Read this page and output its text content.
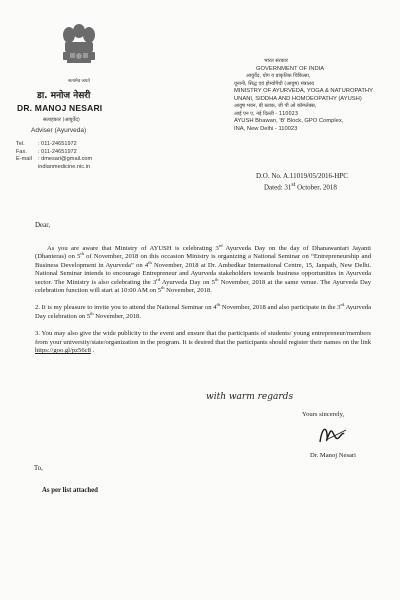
सत्यमेव जयते
डा. मनोज नेसरी
DR. MANOJ NESARI
सलाहकार (आयुर्वेद)
Adviser (Ayurveda)
Tel. : 011-24651972
Fax. : 011-24651972
E-mail : dmesari@gmail.com
indianmedicine.nic.in
भारत सरकार
GOVERNMENT OF INDIA
आयुर्वेद, योग व प्राकृतिक चिकित्सा,
यूनानी, सिद्ध एवं होम्योपैथी (आयुष) मंत्रालय
MINISTRY OF AYURVEDA, YOGA & NATUROPATHY
UNANI, SIDDHA AND HOMOEOPATHY (AYUSH)
आयुष भवन, बी ब्लाक, जी पी ओ कॉम्प्लेक्स,
आई एन ए, नई दिल्ली - 110023
AYUSH Bhawan, 'B' Block, GPO Complex,
INA, New Delhi - 110023
D.O. No. A.11019/05/2016-HPC
Dated: 31st October, 2018
Dear,

As you are aware that Ministry of AYUSH is celebrating 3rd Ayurveda Day on the day of Dhanawantari Jayanti (Dhanteras) on 5th of November, 2018 on this occasion Ministry is organizing a National Seminar on “Entrepreneurship and Business Development in Ayurveda” on 4th November, 2018 at Dr. Ambedkar International Centre, 15, Janpath, New Delhi. National Seminar intends to encourage Entrepreneur and Ayurveda stakeholders towards business opportunities in Ayurveda sector. The Ministry is also celebrating the 3rd Ayurveda Day on 5th November, 2018 at the same venue. The Ayurveda Day celebration function will start at 10:00 AM on 5th November, 2018.

2. It is my pleasure to invite you to attend the National Seminar on 4th November, 2018 and also participate in the 3rd Ayurveda Day celebration on 5th November, 2018.

3. You may also give the wide publicity to the event and ensure that the participants of students/ young entrepreneur/members from your university/state/organization in the program. It is desired that the participants should register their names on the link https://goo.gl/pz56c8 .

with warm regards
Yours sincerely,
Dr. Manoj Nesari
To,
As per list attached
